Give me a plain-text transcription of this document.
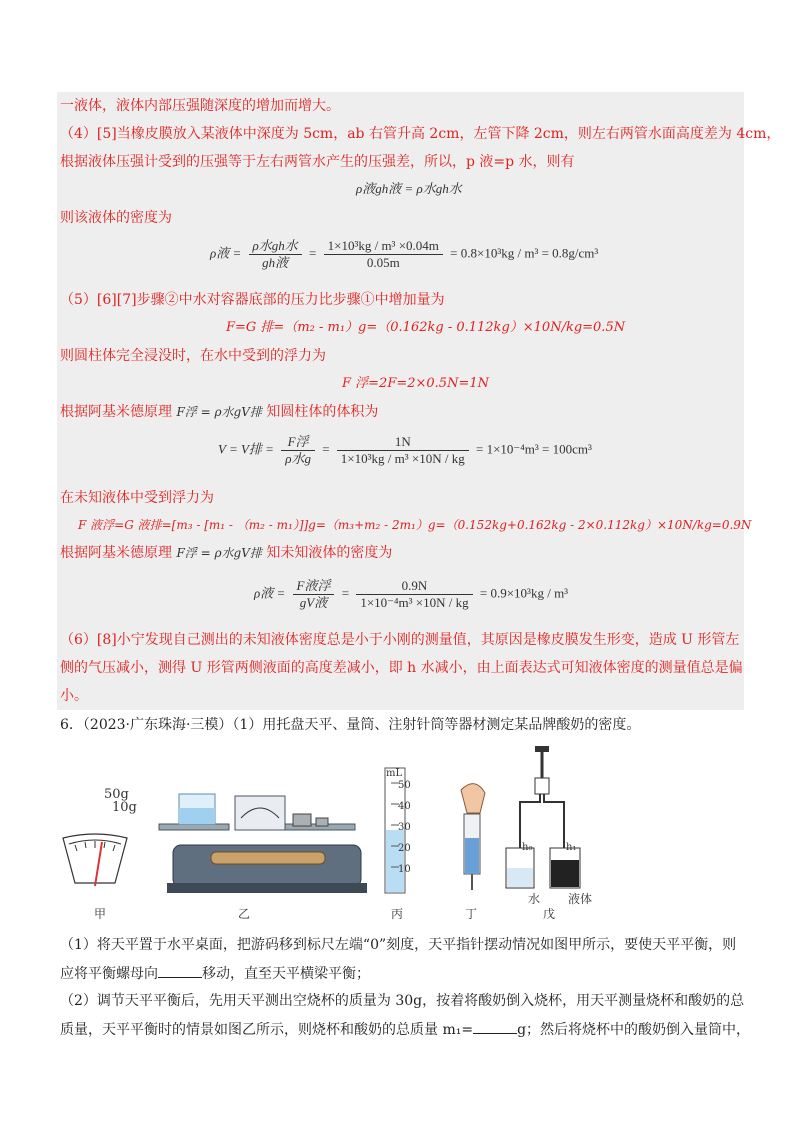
一液体，液体内部压强随深度的增加而增大。
（4）[5]当橡皮膜放入某液体中深度为 5cm，ab 右管升高 2cm，左管下降 2cm，则左右两管水面高度差为 4cm，
根据液体压强计受到的压强等于左右两管水产生的压强差，所以，p 液=p 水，则有
ρ液gh液 = ρ水gh水
则该液体的密度为
ρ液 = $\frac{\text{ρ水gh水}}{\text{gh液}} = \frac{\text{1×10³kg / m³ ×0.04m}}{0.05m} = 0.8\times 10^3kg / m^3 = 0.8g/cm^3$
（5）[6][7]步骤②中水对容器底部的压力比步骤①中增加量为
F=G 排=（m₂ - m₁）g=（0.162kg - 0.112kg）×10N/kg=0.5N
则圆柱体完全浸没时，在水中受到的浮力为
F 浮=2F=2×0.5N=1N
根据阿基米德原理 F浮 = ρ水gV排 知圆柱体的体积为
V = V排 = $\frac{\text{F浮}}{\text{ρ水g}} = \frac{1N}{\text{1×10³kg / m³ ×10N / kg}} = 1\times 10^{-4}m^3 = 100cm^3$
在未知液体中受到浮力为
F 液浮=G 液排=[m₃ - [m₁ - （m₂ - m₁）]]g=（m₃+m₂ - 2m₁）g=（0.152kg+0.162kg - 2×0.112kg）×10N/kg=0.9N
根据阿基米德原理 F浮 = ρ水gV排 知未知液体的密度为
ρ液 = $\frac{\text{F液浮}}{\text{gV液}} = \frac{0.9N}{\text{1×10⁻⁴m³ ×10N / kg}} = 0.9\times 10^3kg / m^3$
（6）[8]小宁发现自己测出的未知液体密度总是小于小刚的测量值，其原因是橡皮膜发生形变，造成 U 形管左
侧的气压减小，测得 U 形管两侧液面的高度差减小，即 h 水减小，由上面表达式可知液体密度的测量值总是偏
小。
6．（2023·广东珠海·三模）（1）用托盘天平、量筒、注射针筒等器材测定某品牌酸奶的密度。
50g
10g
mL
50
40
30
20
10
h₀	h₁
水 液体
甲	乙	丙	丁	戊
（1）将天平置于水平桌面，把游码移到标尺左端“0”刻度，天平指针摆动情况如图甲所示，要使天平平衡，则
应将平衡螺母向	移动，直至天平横梁平衡；
（2）调节天平平衡后，先用天平测出空烧杯的质量为 30g，按着将酸奶倒入烧杯，用天平测量烧杯和酸奶的总
质量，天平平衡时的情景如图乙所示，则烧杯和酸奶的总质量 m₁=	g；然后将烧杯中的酸奶倒入量筒中，
